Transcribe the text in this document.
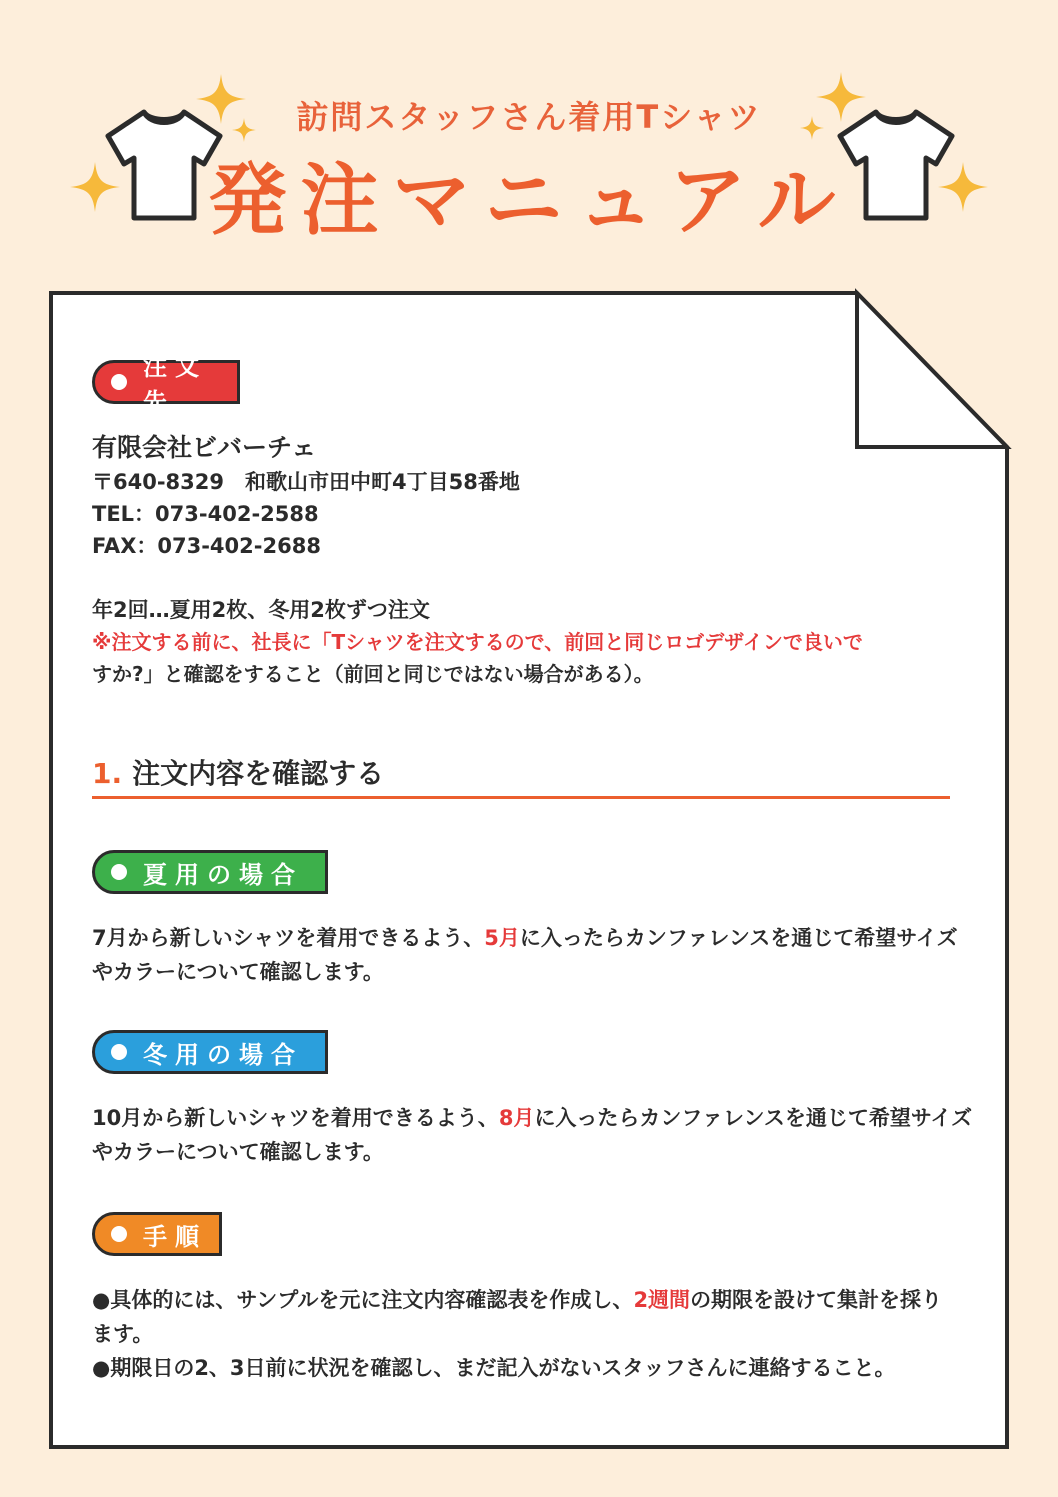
訪問スタッフさん着用Tシャツ
発注マニュアル
注文先
有限会社ビバーチェ
〒640-8329　和歌山市田中町4丁目58番地
TEL：073-402-2588
FAX：073-402-2688
年2回…夏用2枚、冬用2枚ずつ注文
※注文する前に、社長に「Tシャツを注文するので、前回と同じロゴデザインで良いで
すか?」と確認をすること（前回と同じではない場合がある）。
1. 注文内容を確認する
夏用の場合
7月から新しいシャツを着用できるよう、5月に入ったらカンファレンスを通じて希望サイズ
やカラーについて確認します。
冬用の場合
10月から新しいシャツを着用できるよう、8月に入ったらカンファレンスを通じて希望サイズ
やカラーについて確認します。
手順
●具体的には、サンプルを元に注文内容確認表を作成し、2週間の期限を設けて集計を採り
ます。
●期限日の2、3日前に状況を確認し、まだ記入がないスタッフさんに連絡すること。
